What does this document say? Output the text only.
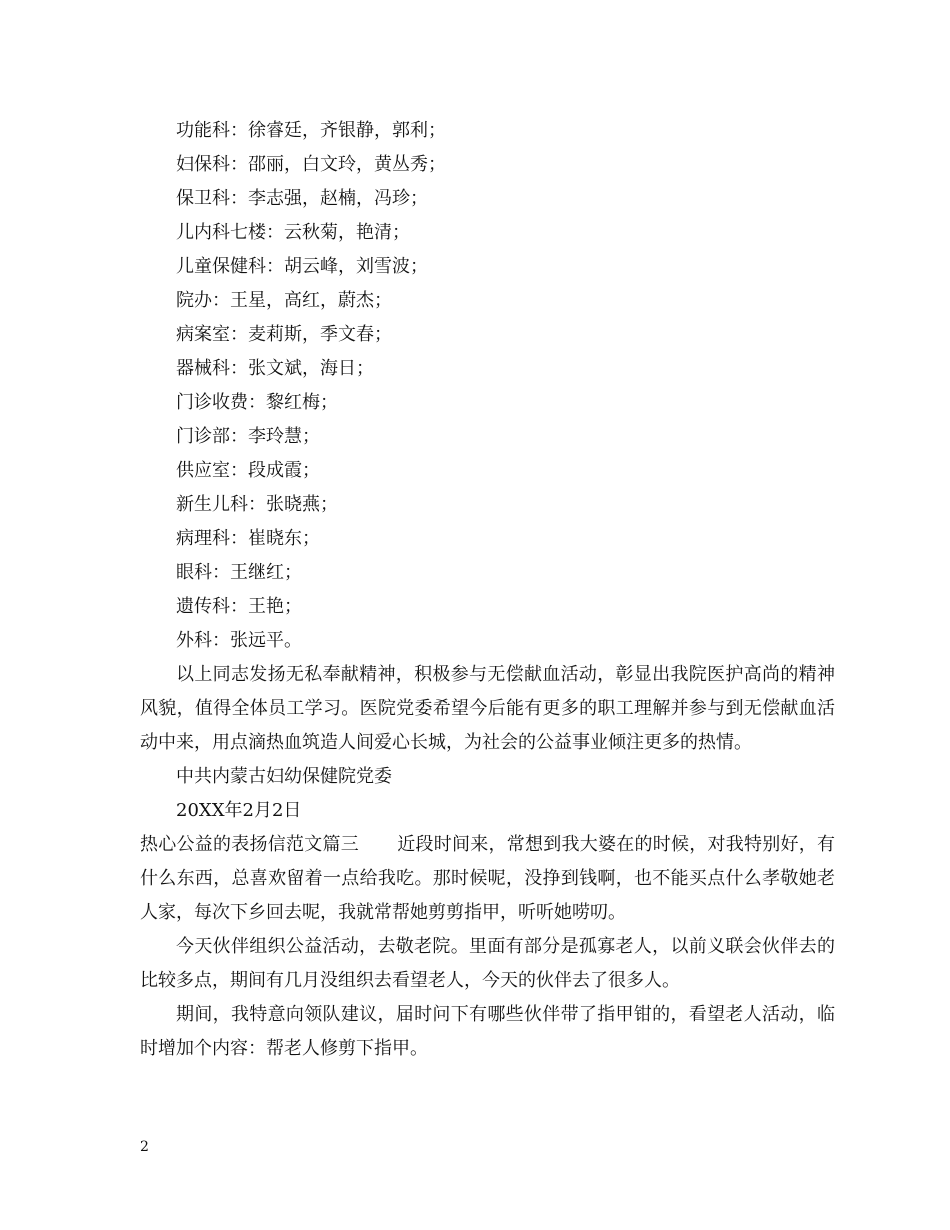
功能科：徐睿廷，齐银静，郭利；
妇保科：邵丽，白文玲，黄丛秀；
保卫科：李志强，赵楠，冯珍；
儿内科七楼：云秋菊，艳清；
儿童保健科：胡云峰，刘雪波；
院办：王星，高红，蔚杰；
病案室：麦莉斯，季文春；
器械科：张文斌，海日；
门诊收费：黎红梅；
门诊部：李玲慧；
供应室：段成霞；
新生儿科：张晓燕；
病理科：崔晓东；
眼科：王继红；
遗传科：王艳；
外科：张远平。

以上同志发扬无私奉献精神，积极参与无偿献血活动，彰显出我院医护高尚的精神风貌，值得全体员工学习。医院党委希望今后能有更多的职工理解并参与到无偿献血活动中来，用点滴热血筑造人间爱心长城，为社会的公益事业倾注更多的热情。

中共内蒙古妇幼保健院党委
20XX年2月2日

热心公益的表扬信范文篇三 近段时间来，常想到我大婆在的时候，对我特别好，有什么东西，总喜欢留着一点给我吃。那时候呢，没挣到钱啊，也不能买点什么孝敬她老人家，每次下乡回去呢，我就常帮她剪剪指甲，听听她唠叨。

今天伙伴组织公益活动，去敬老院。里面有部分是孤寡老人，以前义联会伙伴去的比较多点，期间有几月没组织去看望老人，今天的伙伴去了很多人。

期间，我特意向领队建议，届时问下有哪些伙伴带了指甲钳的，看望老人活动，临时增加个内容：帮老人修剪下指甲。

2
